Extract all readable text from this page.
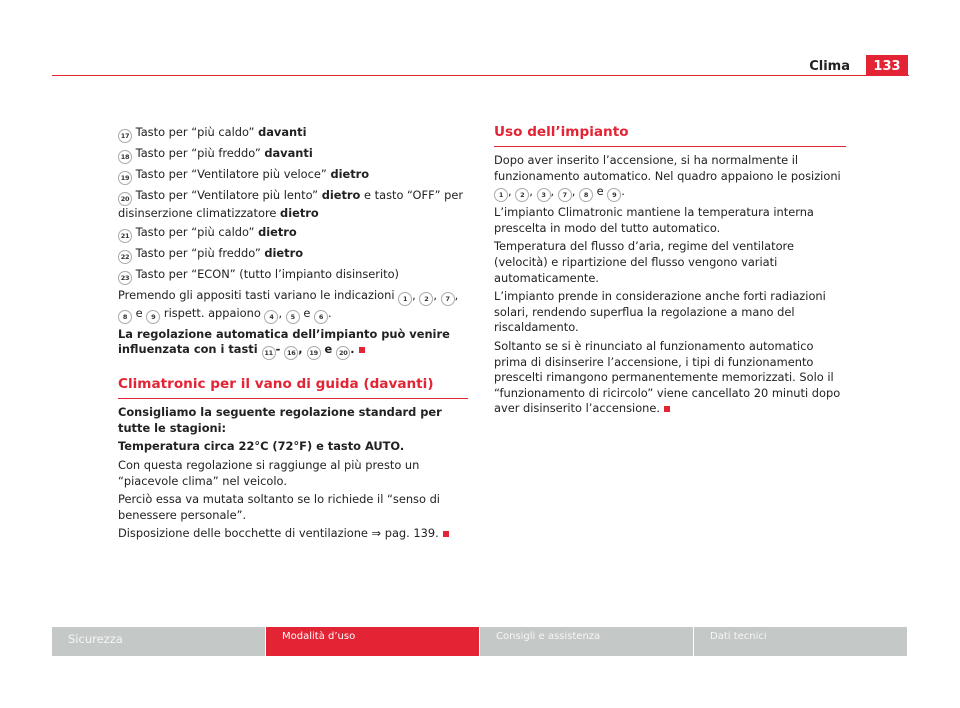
Clima	133
17 Tasto per “più caldo” davanti
18 Tasto per “più freddo” davanti
19 Tasto per “Ventilatore più veloce” dietro
20 Tasto per “Ventilatore più lento” dietro e tasto “OFF” per disinserzione climatizzatore dietro
21 Tasto per “più caldo” dietro
22 Tasto per “più freddo” dietro
23 Tasto per “ECON” (tutto l’impianto disinserito)
Premendo gli appositi tasti variano le indicazioni 1 , 2 , 7 , 8 e 9 rispett. appaiono 4 , 5 e 6 .
La regolazione automatica dell’impianto può venire influenzata con i tasti 11 - 16 , 19 e 20 .
Climatronic per il vano di guida (davanti)
Consigliamo la seguente regolazione standard per tutte le stagioni:
Temperatura circa 22°C (72°F) e tasto AUTO.
Con questa regolazione si raggiunge al più presto un “piacevole clima” nel veicolo.
Perciò essa va mutata soltanto se lo richiede il “senso di benessere personale”.
Disposizione delle bocchette di ventilazione ⇒ pag. 139.
Uso dell’impianto
Dopo aver inserito l’accensione, si ha normalmente il funzionamento automatico. Nel quadro appaiono le posizioni 1 , 2 , 3 , 7 , 8 e 9 .
L’impianto Climatronic mantiene la temperatura interna prescelta in modo del tutto automatico.
Temperatura del flusso d’aria, regime del ventilatore (velocità) e ripartizione del flusso vengono variati automaticamente.
L’impianto prende in considerazione anche forti radiazioni solari, rendendo superflua la regolazione a mano del riscaldamento.
Soltanto se si è rinunciato al funzionamento automatico prima di disinserire l’accensione, i tipi di funzionamento prescelti rimangono permanentemente memorizzati. Solo il “funzionamento di ricircolo” viene cancellato 20 minuti dopo aver disinserito l’accensione.
Sicurezza	Modalità d’uso	Consigli e assistenza	Dati tecnici
